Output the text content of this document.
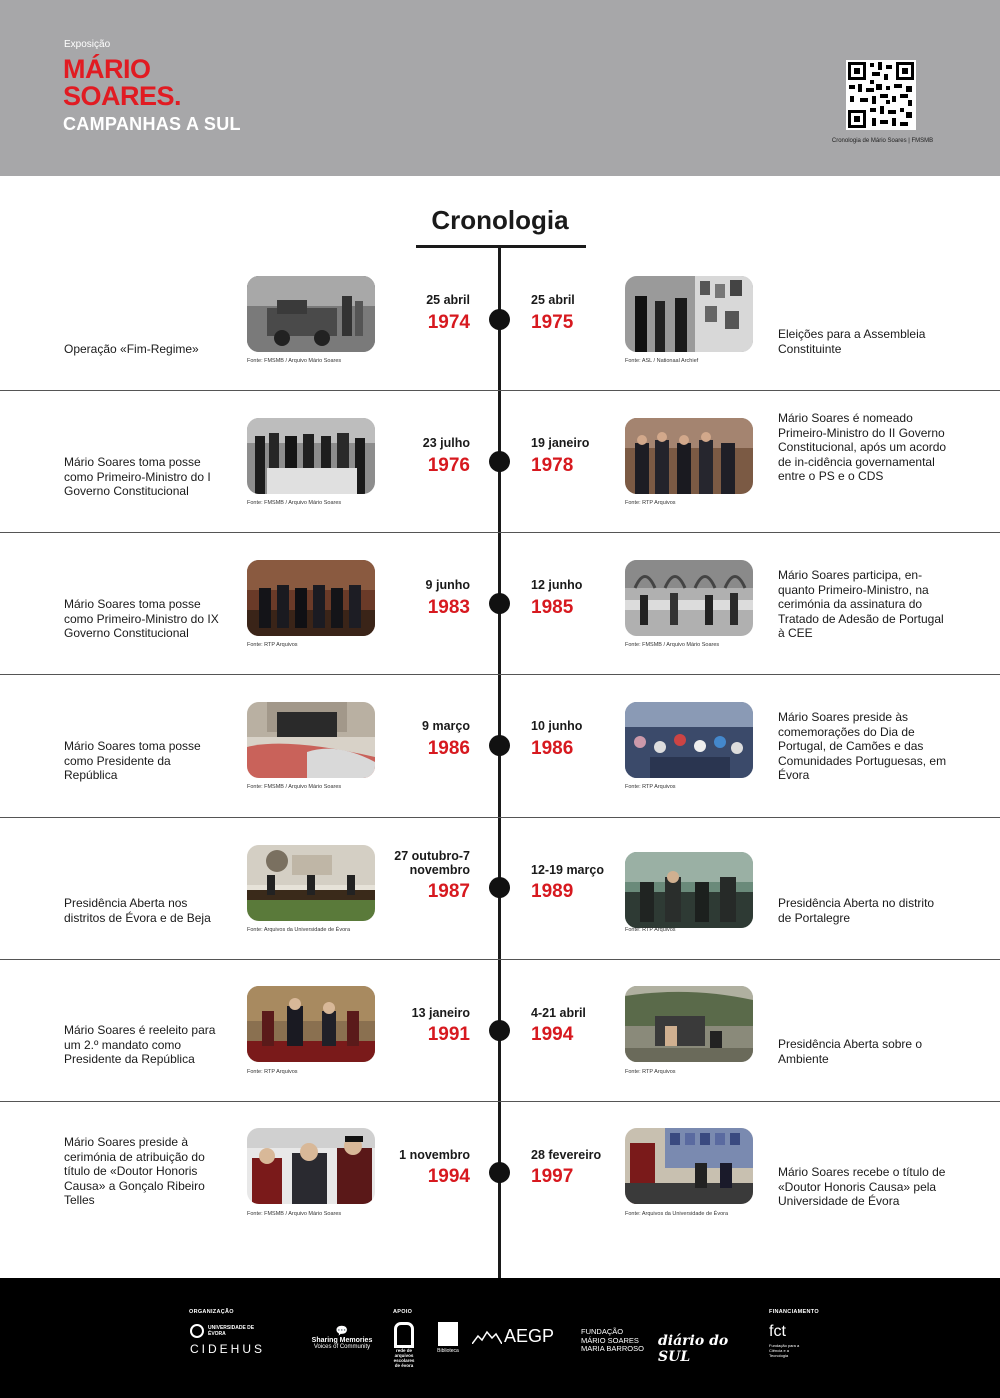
Exposição
MÁRIO
SOARES.
CAMPANHAS A SUL
Cronologia de Mário Soares | FMSMB
Cronologia
Operação «Fim-Regime»
Fonte: FMSMB / Arquivo Mário Soares
25 abril
1974
25 abril
1975
Fonte: ASL / Nationaal Archief
Eleições para a Assembleia Constituinte
Mário Soares toma posse como Primeiro-Ministro do I Governo Constitucional
Fonte: FMSMB / Arquivo Mário Soares
23 julho
1976
19 janeiro
1978
Fonte: RTP Arquivos
Mário Soares é nomeado Primeiro-Ministro do II Governo Constitucional, após um acordo de in-cidência governamental entre o PS e o CDS
Mário Soares toma posse como Primeiro-Ministro do IX Governo Constitucional
Fonte: RTP Arquivos
9 junho
1983
12 junho
1985
Fonte: FMSMB / Arquivo Mário Soares
Mário Soares participa, en-quanto Primeiro-Ministro, na cerimónia da assinatura do Tratado de Adesão de Portugal à CEE
Mário Soares toma posse como Presidente da República
Fonte: FMSMB / Arquivo Mário Soares
9 março
1986
10 junho
1986
Fonte: RTP Arquivos
Mário Soares preside às comemorações do Dia de Portugal, de Camões e das Comunidades Portuguesas, em Évora
Presidência Aberta nos distritos de Évora e de Beja
Fonte: Arquivos da Universidade de Évora
27 outubro-7 novembro
1987
12-19 março
1989
Fonte: RTP Arquivos
Presidência Aberta no distrito de Portalegre
Mário Soares é reeleito para um 2.º mandato como Presidente da República
Fonte: RTP Arquivos
13 janeiro
1991
4-21 abril
1994
Fonte: RTP Arquivos
Presidência Aberta sobre o Ambiente
Mário Soares preside à cerimónia de atribuição do título de «Doutor Honoris Causa» a Gonçalo Ribeiro Telles
Fonte: FMSMB / Arquivo Mário Soares
1 novembro
1994
28 fevereiro
1997
Fonte: Arquivos da Universidade de Évora
Mário Soares recebe o título de «Doutor Honoris Causa» pela Universidade de Évora
ORGANIZAÇÃO	APOIO	FINANCIAMENTO
UNIVERSIDADE DE ÉVORA
CIDEHUS
💬
Sharing Memories
Voices of Community
rede de arquivos escolares de évora
Biblioteca
AEGP	FUNDAÇÃO
MÁRIO SOARES
MARIA BARROSO	diário do SUL
fct
Fundação para a Ciência e a Tecnologia
